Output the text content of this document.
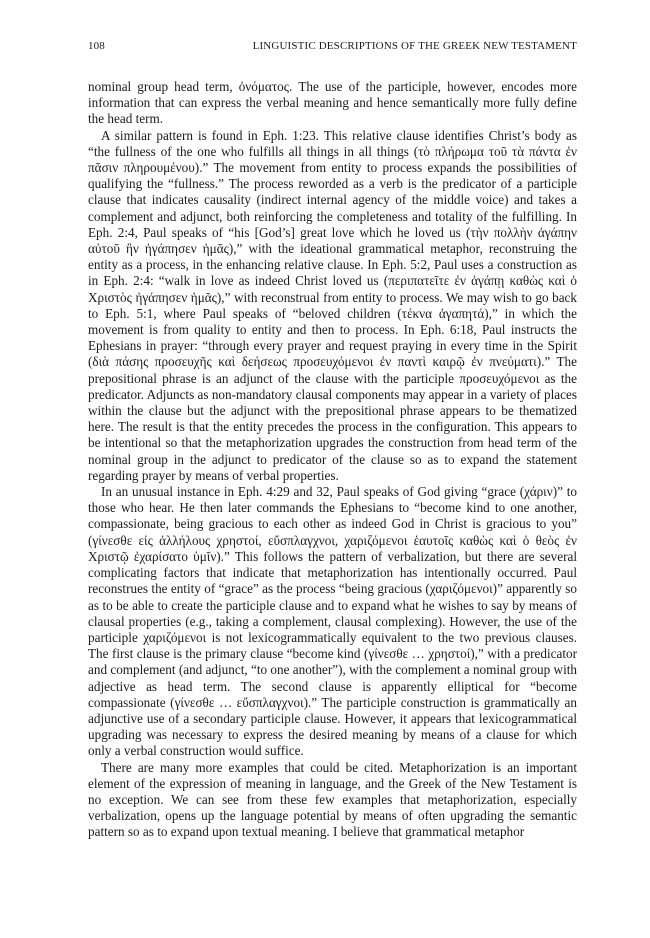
108	LINGUISTIC DESCRIPTIONS OF THE GREEK NEW TESTAMENT

nominal group head term, ὀνόματος. The use of the participle, however, encodes more information that can express the verbal meaning and hence semantically more fully define the head term.

A similar pattern is found in Eph. 1:23. This relative clause identifies Christ’s body as “the fullness of the one who fulfills all things in all things (τὸ πλήρωμα τοῦ τὰ πάντα ἐν πᾶσιν πληρουμένου).” The movement from entity to process expands the possibilities of qualifying the “fullness.” The process reworded as a verb is the predicator of a participle clause that indicates causality (indirect internal agency of the middle voice) and takes a complement and adjunct, both reinforcing the completeness and totality of the fulfilling. In Eph. 2:4, Paul speaks of “his [God’s] great love which he loved us (τὴν πολλὴν ἀγάπην αὐτοῦ ἣν ἠγάπησεν ἡμᾶς),” with the ideational grammatical metaphor, reconstruing the entity as a process, in the enhancing relative clause. In Eph. 5:2, Paul uses a construction as in Eph. 2:4: “walk in love as indeed Christ loved us (περιπατεῖτε ἐν ἀγάπῃ καθὼς καὶ ὁ Χριστὸς ἠγάπησεν ἡμᾶς),” with reconstrual from entity to process. We may wish to go back to Eph. 5:1, where Paul speaks of “beloved children (τέκνα ἀγαπητά),” in which the movement is from quality to entity and then to process. In Eph. 6:18, Paul instructs the Ephesians in prayer: “through every prayer and request praying in every time in the Spirit (διὰ πάσης προσευχῆς καὶ δεήσεως προσευχόμενοι ἐν παντὶ καιρῷ ἐν πνεύματι).” The prepositional phrase is an adjunct of the clause with the participle προσευχόμενοι as the predicator. Adjuncts as non-mandatory clausal components may appear in a variety of places within the clause but the adjunct with the prepositional phrase appears to be thematized here. The result is that the entity precedes the process in the configuration. This appears to be intentional so that the metaphorization upgrades the construction from head term of the nominal group in the adjunct to predicator of the clause so as to expand the statement regarding prayer by means of verbal properties.

In an unusual instance in Eph. 4:29 and 32, Paul speaks of God giving “grace (χάριν)” to those who hear. He then later commands the Ephesians to “become kind to one another, compassionate, being gracious to each other as indeed God in Christ is gracious to you” (γίνεσθε εἰς ἀλλήλους χρηστοί, εὔσπλαγχνοι, χαριζόμενοι ἑαυτοῖς καθὼς καὶ ὁ θεὸς ἐν Χριστῷ ἐχαρίσατο ὑμῖν).” This follows the pattern of verbalization, but there are several complicating factors that indicate that metaphorization has intentionally occurred. Paul reconstrues the entity of “grace” as the process “being gracious (χαριζόμενοι)” apparently so as to be able to create the participle clause and to expand what he wishes to say by means of clausal properties (e.g., taking a complement, clausal complexing). However, the use of the participle χαριζόμενοι is not lexicogrammatically equivalent to the two previous clauses. The first clause is the primary clause “become kind (γίνεσθε … χρηστοί),” with a predicator and complement (and adjunct, “to one another”), with the complement a nominal group with adjective as head term. The second clause is apparently elliptical for “become compassionate (γίνεσθε … εὔσπλαγχνοι).” The participle construction is grammatically an adjunctive use of a secondary participle clause. However, it appears that lexicogrammatical upgrading was necessary to express the desired meaning by means of a clause for which only a verbal construction would suffice.

There are many more examples that could be cited. Metaphorization is an important element of the expression of meaning in language, and the Greek of the New Testament is no exception. We can see from these few examples that metaphorization, especially verbalization, opens up the language potential by means of often upgrading the semantic pattern so as to expand upon textual meaning. I believe that grammatical metaphor
